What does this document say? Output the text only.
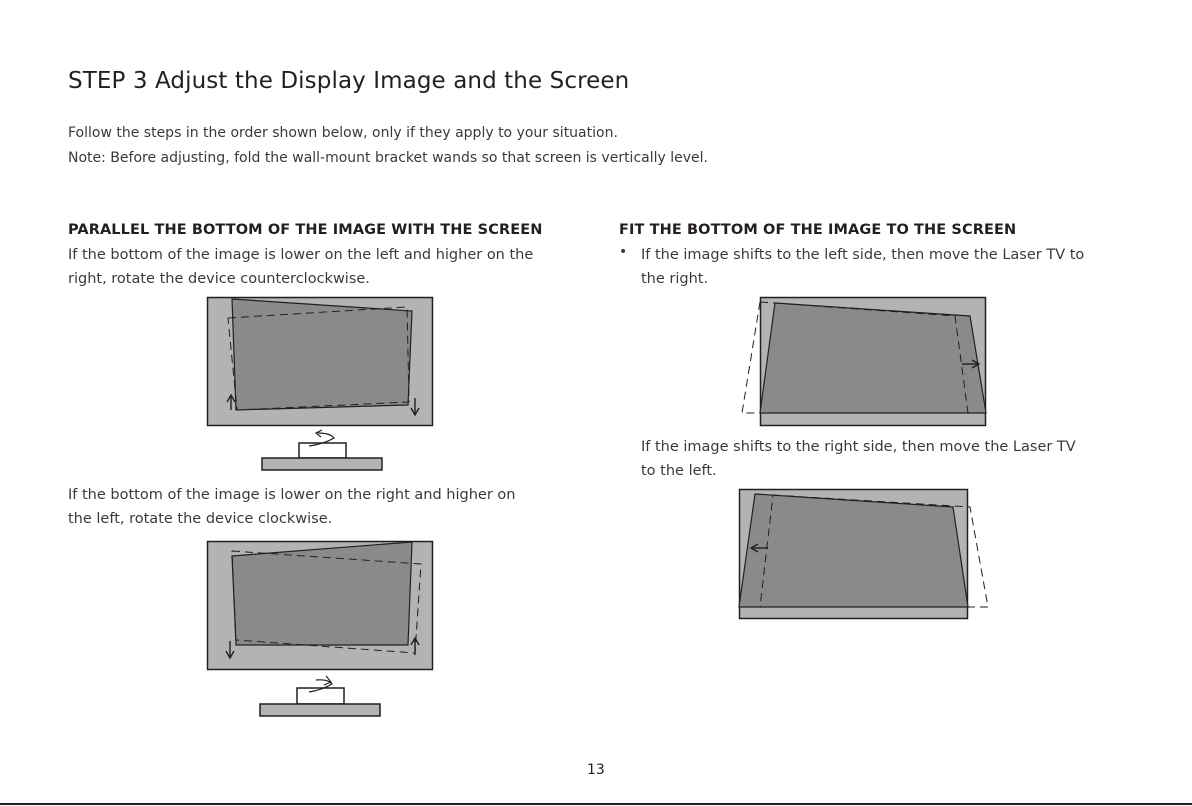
STEP 3 Adjust the Display Image and the Screen

Follow the steps in the order shown below, only if they apply to your situation.

Note: Before adjusting, fold the wall-mount bracket wands so that screen is vertically level.

PARALLEL THE BOTTOM OF THE IMAGE WITH THE SCREEN

If the bottom of the image is lower on the left and higher on the
right, rotate the device counterclockwise.

If the bottom of the image is lower on the right and higher on
the left, rotate the device clockwise.

FIT THE BOTTOM OF THE IMAGE TO THE SCREEN
• If the image shifts to the left side, then move the Laser TV to
the right.

If the image shifts to the right side, then move the Laser TV
to the left.

13
